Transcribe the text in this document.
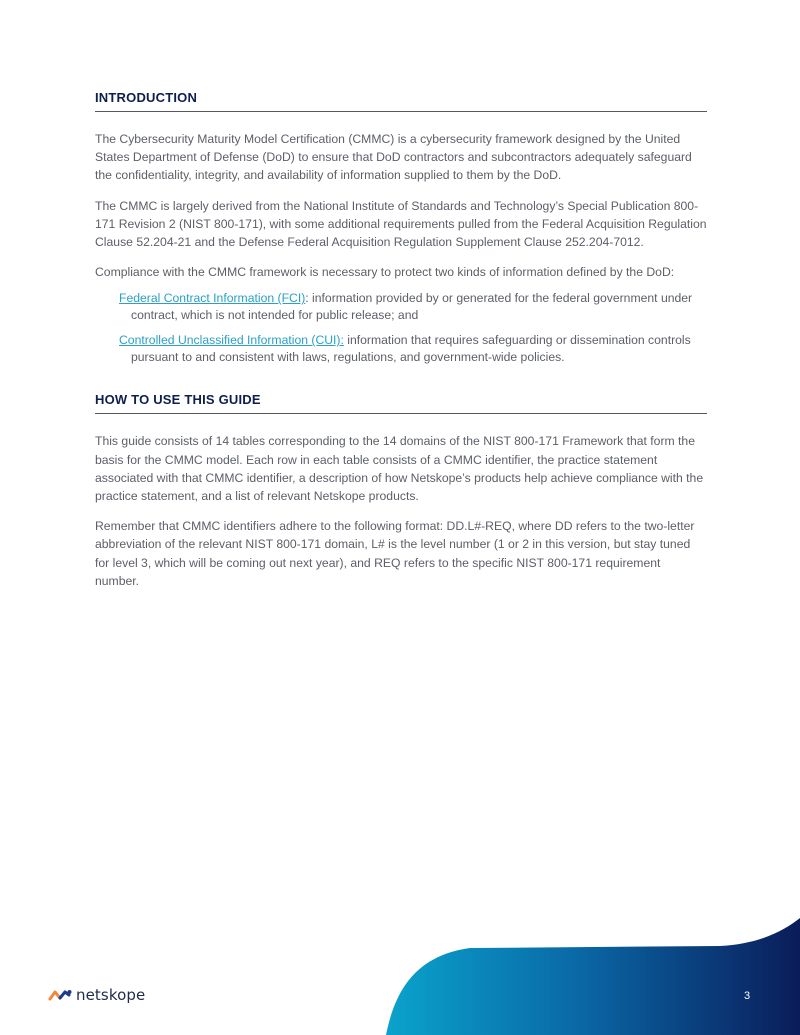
INTRODUCTION

The Cybersecurity Maturity Model Certification (CMMC) is a cybersecurity framework designed by the United States Department of Defense (DoD) to ensure that DoD contractors and subcontractors adequately safeguard the confidentiality, integrity, and availability of information supplied to them by the DoD.

The CMMC is largely derived from the National Institute of Standards and Technology’s Special Publication 800-171 Revision 2 (NIST 800-171), with some additional requirements pulled from the Federal Acquisition Regulation Clause 52.204-21 and the Defense Federal Acquisition Regulation Supplement Clause 252.204-7012.

Compliance with the CMMC framework is necessary to protect two kinds of information defined by the DoD:

Federal Contract Information (FCI): information provided by or generated for the federal government under contract, which is not intended for public release; and
Controlled Unclassified Information (CUI): information that requires safeguarding or dissemination controls pursuant to and consistent with laws, regulations, and government-wide policies.
HOW TO USE THIS GUIDE

This guide consists of 14 tables corresponding to the 14 domains of the NIST 800-171 Framework that form the basis for the CMMC model. Each row in each table consists of a CMMC identifier, the practice statement associated with that CMMC identifier, a description of how Netskope’s products help achieve compliance with the practice statement, and a list of relevant Netskope products.

Remember that CMMC identifiers adhere to the following format: DD.L#-REQ, where DD refers to the two-letter abbreviation of the relevant NIST 800-171 domain, L# is the level number (1 or 2 in this version, but stay tuned for level 3, which will be coming out next year), and REQ refers to the specific NIST 800-171 requirement number.

netskope	3
